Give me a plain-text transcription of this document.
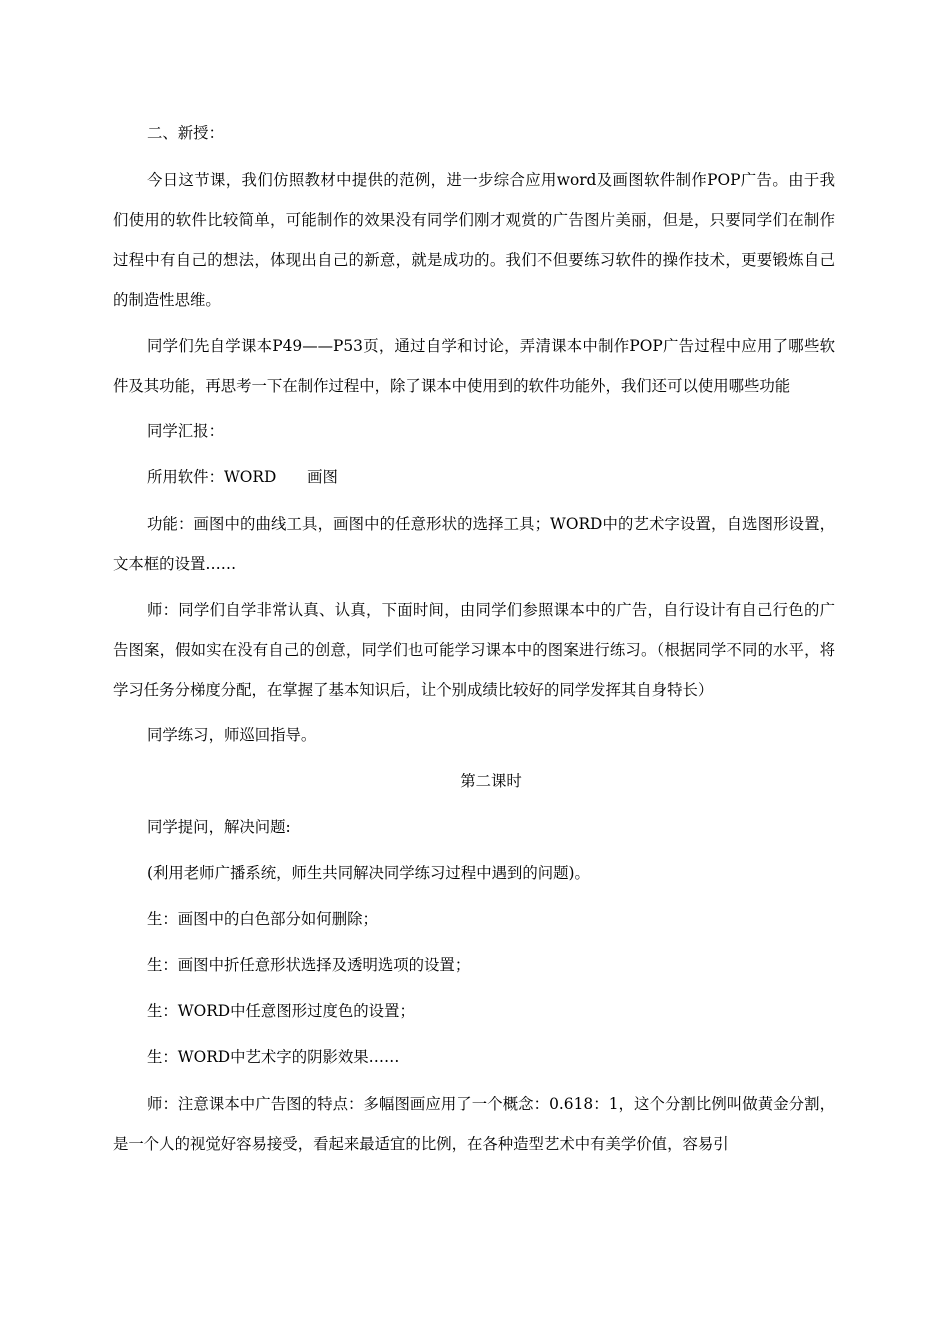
二、新授：

今日这节课，我们仿照教材中提供的范例，进一步综合应用word及画图软件制作POP广告。由于我们使用的软件比较简单，可能制作的效果没有同学们刚才观赏的广告图片美丽，但是，只要同学们在制作过程中有自己的想法，体现出自己的新意，就是成功的。我们不但要练习软件的操作技术，更要锻炼自己的制造性思维。

同学们先自学课本P49——P53页，通过自学和讨论，弄清课本中制作POP广告过程中应用了哪些软件及其功能，再思考一下在制作过程中，除了课本中使用到的软件功能外，我们还可以使用哪些功能

同学汇报：

所用软件：WORD　　画图

功能：画图中的曲线工具，画图中的任意形状的选择工具；WORD中的艺术字设置，自选图形设置，文本框的设置……

师：同学们自学非常认真、认真，下面时间，由同学们参照课本中的广告，自行设计有自己行色的广告图案，假如实在没有自己的创意，同学们也可能学习课本中的图案进行练习。（根据同学不同的水平，将学习任务分梯度分配，在掌握了基本知识后，让个别成绩比较好的同学发挥其自身特长）

同学练习，师巡回指导。

第二课时

同学提问，解决问题:

(利用老师广播系统，师生共同解决同学练习过程中遇到的问题)。

生：画图中的白色部分如何删除；

生：画图中折任意形状选择及透明选项的设置；

生：WORD中任意图形过度色的设置；

生：WORD中艺术字的阴影效果……

师：注意课本中广告图的特点：多幅图画应用了一个概念：0.618：1，这个分割比例叫做黄金分割，是一个人的视觉好容易接受，看起来最适宜的比例，在各种造型艺术中有美学价值，容易引
